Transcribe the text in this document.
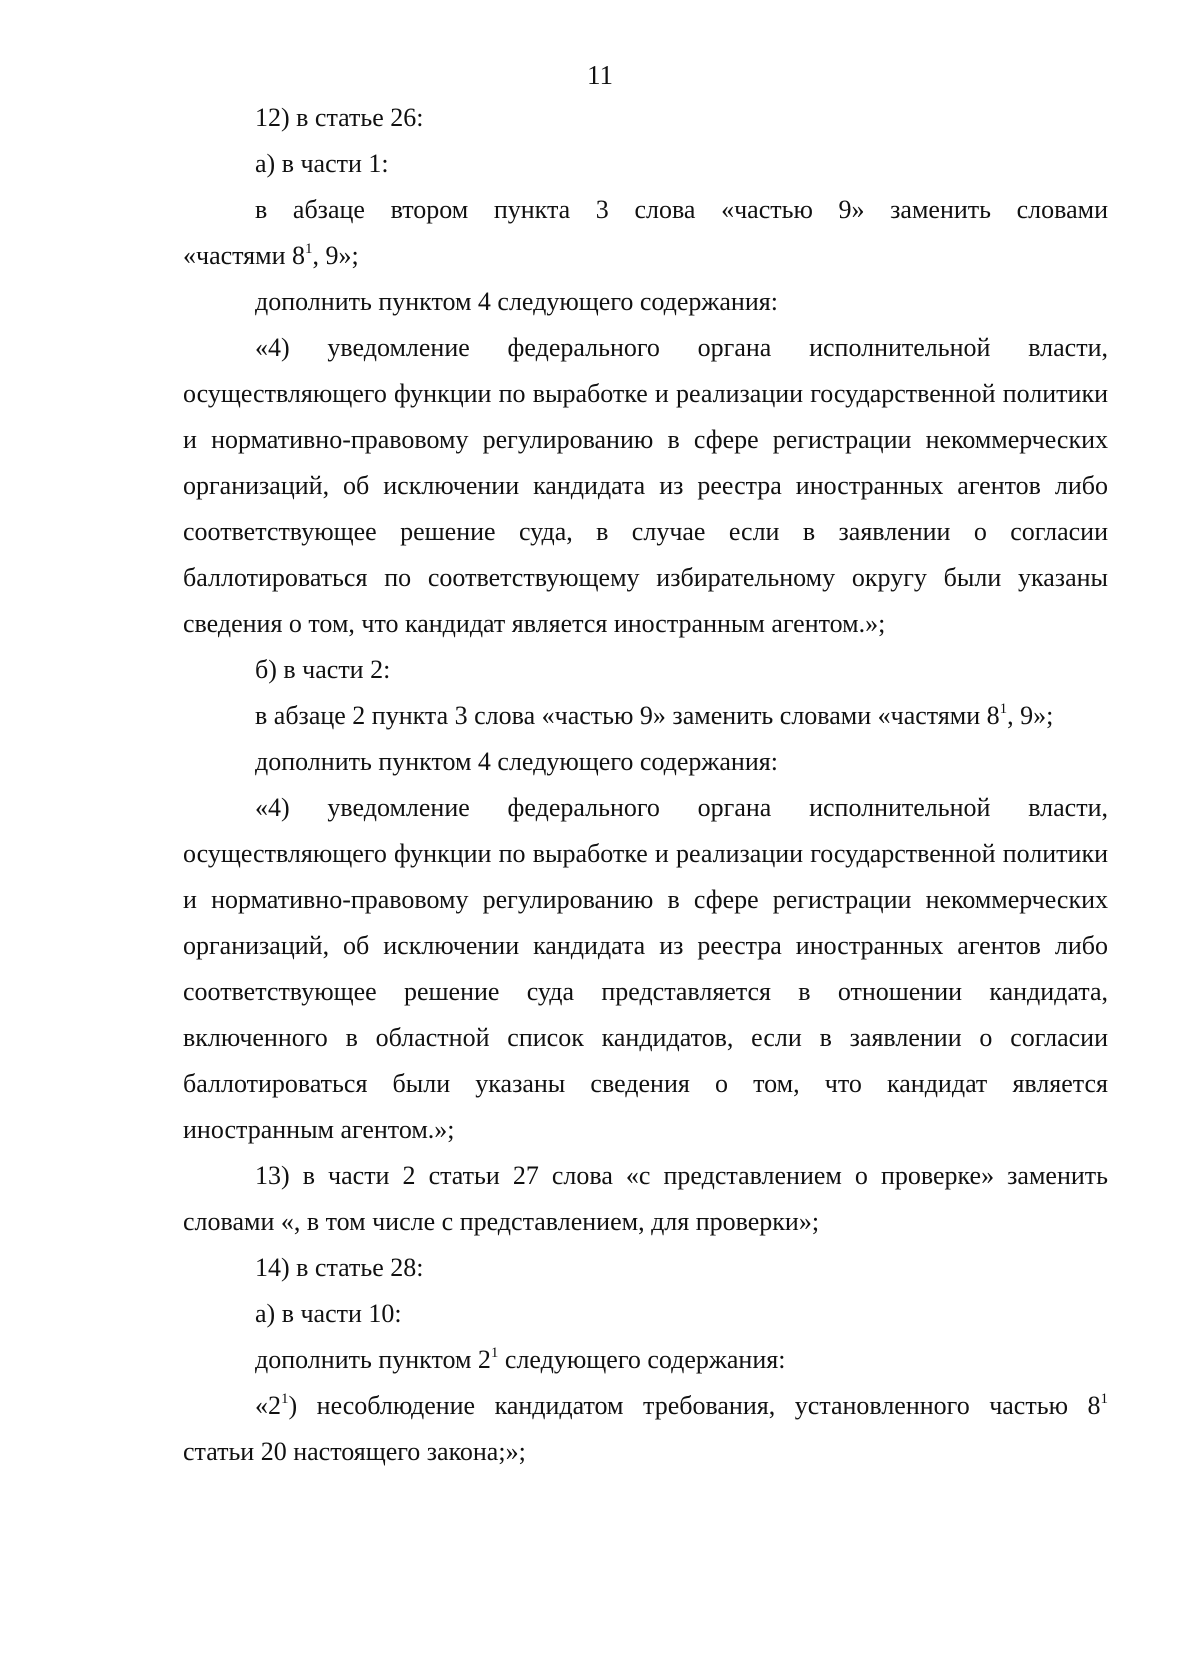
11

12) в статье 26:

а) в части 1:

в абзаце втором пункта 3 слова «частью 9» заменить словами

«частями $8^1$, 9»;

дополнить пунктом 4 следующего содержания:

«4) уведомление федерального органа исполнительной власти, осуществляющего функции по выработке и реализации государственной политики и нормативно-правовому регулированию в сфере регистрации некоммерческих организаций, об исключении кандидата из реестра иностранных агентов либо соответствующее решение суда, в случае если в заявлении о согласии баллотироваться по соответствующему избирательному округу были указаны сведения о том, что кандидат является иностранным агентом.»;

б) в части 2:

в абзаце 2 пункта 3 слова «частью 9» заменить словами «частями $8^1$, 9»;

дополнить пунктом 4 следующего содержания:

«4) уведомление федерального органа исполнительной власти, осуществляющего функции по выработке и реализации государственной политики и нормативно-правовому регулированию в сфере регистрации некоммерческих организаций, об исключении кандидата из реестра иностранных агентов либо соответствующее решение суда представляется в отношении кандидата, включенного в областной список кандидатов, если в заявлении о согласии баллотироваться были указаны сведения о том, что кандидат является иностранным агентом.»;

13) в части 2 статьи 27 слова «с представлением о проверке» заменить словами «, в том числе с представлением, для проверки»;

14) в статье 28:

а) в части 10:

дополнить пунктом $2^1$ следующего содержания:

«$2^1$) несоблюдение кандидатом требования, установленного частью $8^1$

статьи 20 настоящего закона;»;
